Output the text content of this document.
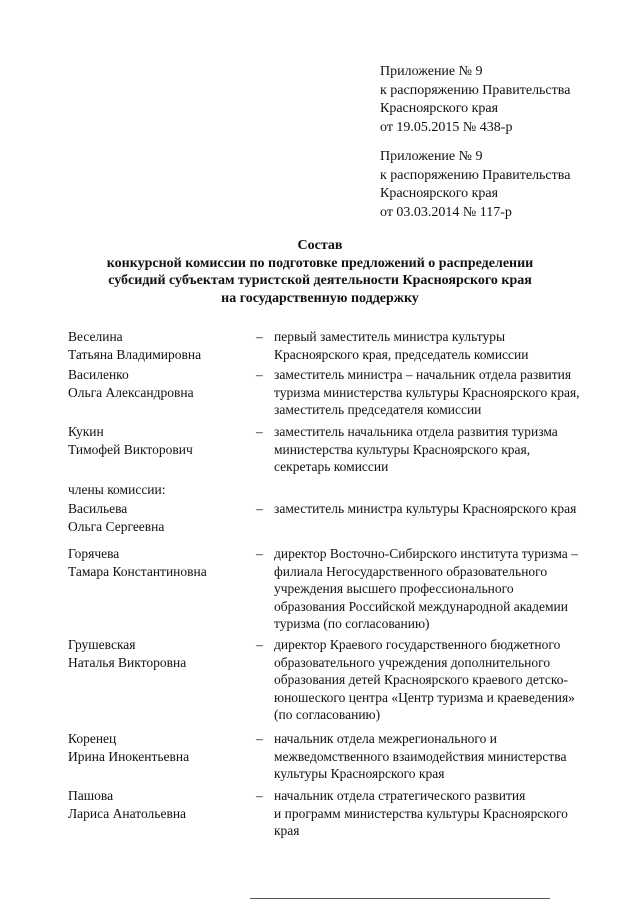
Приложение № 9
к распоряжению Правительства
Красноярского края
от 19.05.2015 № 438-р
Приложение № 9
к распоряжению Правительства
Красноярского края
от 03.03.2014 № 117-р
Состав
конкурсной комиссии по подготовке предложений о распределении
субсидий субъектам туристской деятельности Красноярского края
на государственную поддержку
Веселина
Татьяна Владимировна
– первый заместитель министра культуры
Красноярского края, председатель комиссии
Василенко
Ольга Александровна
– заместитель министра – начальник отдела развития
туризма министерства культуры Красноярского края,
заместитель председателя комиссии
Кукин
Тимофей Викторович
– заместитель начальника отдела развития туризма
министерства культуры Красноярского края,
секретарь комиссии
члены комиссии:
Васильева
Ольга Сергеевна
– заместитель министра культуры Красноярского края
Горячева
Тамара Константиновна
– директор Восточно-Сибирского института туризма –
филиала Негосударственного образовательного
учреждения высшего профессионального
образования Российской международной академии
туризма (по согласованию)
Грушевская
Наталья Викторовна
– директор Краевого государственного бюджетного
образовательного учреждения дополнительного
образования детей Красноярского краевого детско-
юношеского центра «Центр туризма и краеведения»
(по согласованию)
Коренец
Ирина Инокентьевна
– начальник отдела межрегионального и
межведомственного взаимодействия министерства
культуры Красноярского края
Пашова
Лариса Анатольевна
– начальник отдела стратегического развития
и программ министерства культуры Красноярского
края
